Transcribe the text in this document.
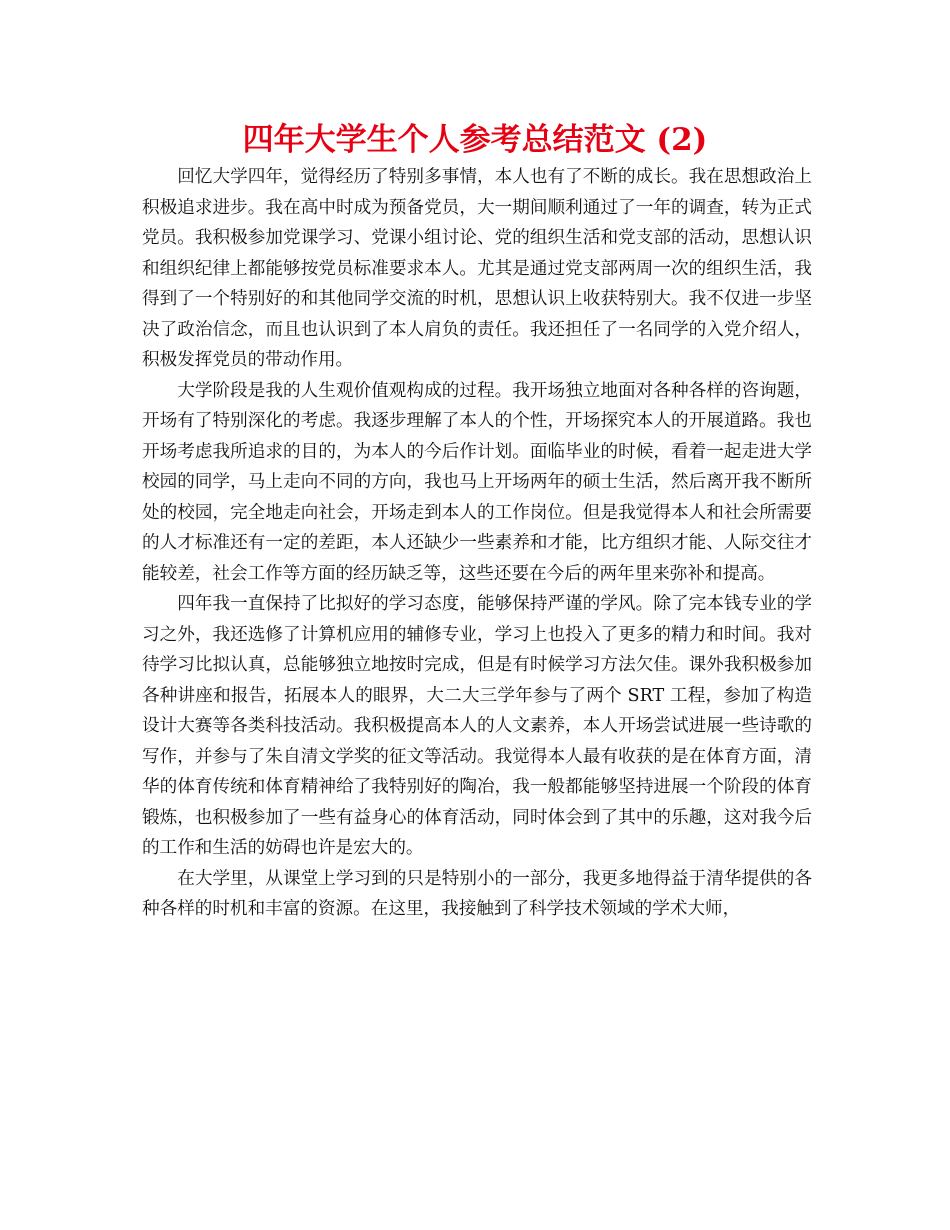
四年大学生个人参考总结范文 (2)

回忆大学四年，觉得经历了特别多事情，本人也有了不断的成长。我在思想政治上积极追求进步。我在高中时成为预备党员，大一期间顺利通过了一年的调查，转为正式党员。我积极参加党课学习、党课小组讨论、党的组织生活和党支部的活动，思想认识和组织纪律上都能够按党员标准要求本人。尤其是通过党支部两周一次的组织生活，我得到了一个特别好的和其他同学交流的时机，思想认识上收获特别大。我不仅进一步坚决了政治信念，而且也认识到了本人肩负的责任。我还担任了一名同学的入党介绍人，积极发挥党员的带动作用。

大学阶段是我的人生观价值观构成的过程。我开场独立地面对各种各样的咨询题，开场有了特别深化的考虑。我逐步理解了本人的个性，开场探究本人的开展道路。我也开场考虑我所追求的目的，为本人的今后作计划。面临毕业的时候，看着一起走进大学校园的同学，马上走向不同的方向，我也马上开场两年的硕士生活，然后离开我不断所处的校园，完全地走向社会，开场走到本人的工作岗位。但是我觉得本人和社会所需要的人才标准还有一定的差距，本人还缺少一些素养和才能，比方组织才能、人际交往才能较差，社会工作等方面的经历缺乏等，这些还要在今后的两年里来弥补和提高。

四年我一直保持了比拟好的学习态度，能够保持严谨的学风。除了完本钱专业的学习之外，我还选修了计算机应用的辅修专业，学习上也投入了更多的精力和时间。我对待学习比拟认真，总能够独立地按时完成，但是有时候学习方法欠佳。课外我积极参加各种讲座和报告，拓展本人的眼界，大二大三学年参与了两个 SRT 工程，参加了构造设计大赛等各类科技活动。我积极提高本人的人文素养，本人开场尝试进展一些诗歌的写作，并参与了朱自清文学奖的征文等活动。我觉得本人最有收获的是在体育方面，清华的体育传统和体育精神给了我特别好的陶冶，我一般都能够坚持进展一个阶段的体育锻炼，也积极参加了一些有益身心的体育活动，同时体会到了其中的乐趣，这对我今后的工作和生活的妨碍也许是宏大的。

在大学里，从课堂上学习到的只是特别小的一部分，我更多地得益于清华提供的各种各样的时机和丰富的资源。在这里，我接触到了科学技术领域的学术大师，
